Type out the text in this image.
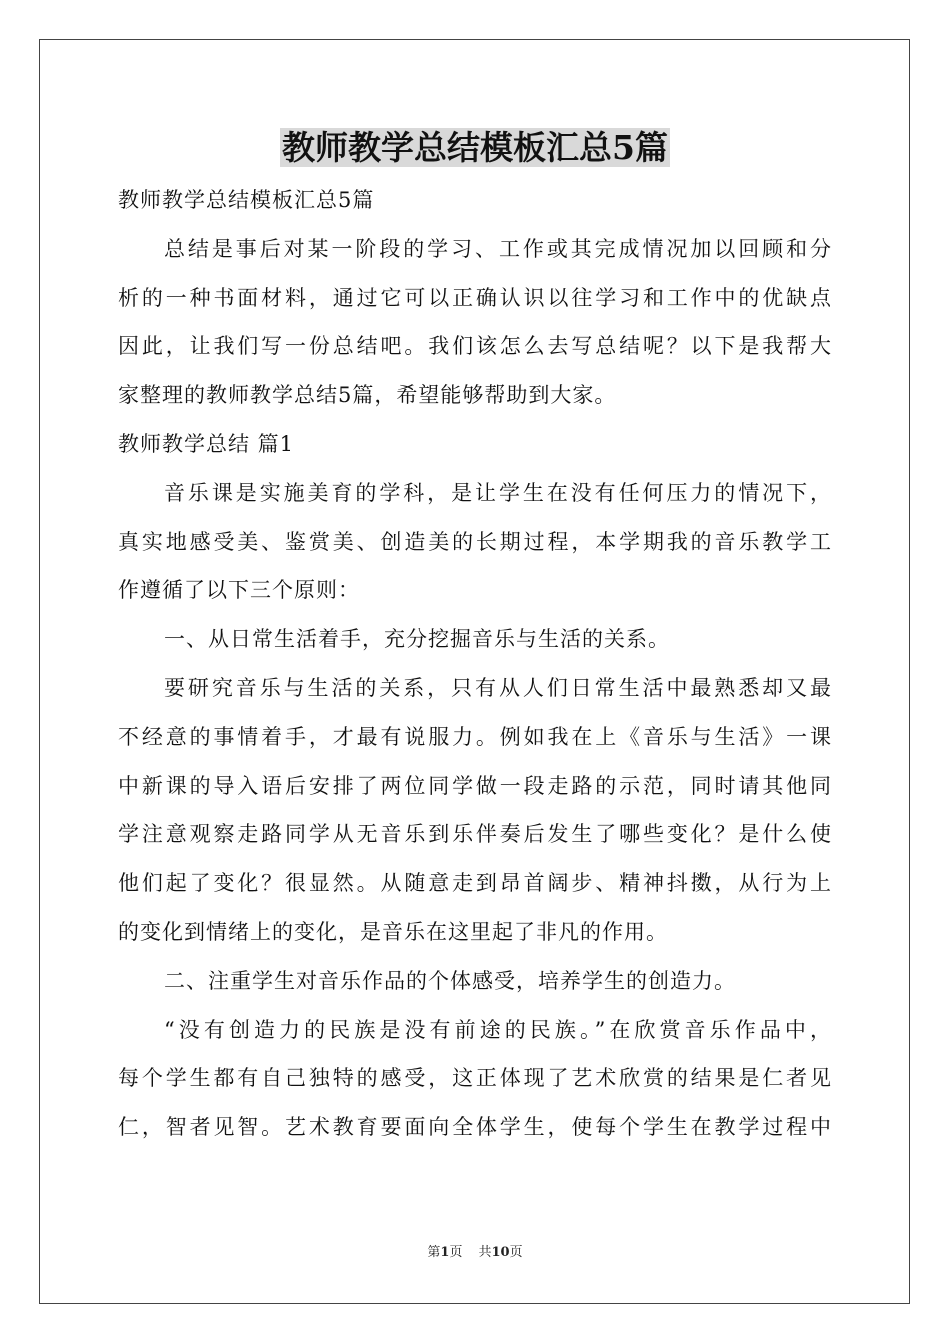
教师教学总结模板汇总5篇
教师教学总结模板汇总5篇
总结是事后对某一阶段的学习、工作或其完成情况加以回顾和分
析的一种书面材料，通过它可以正确认识以往学习和工作中的优缺点
因此，让我们写一份总结吧。我们该怎么去写总结呢？以下是我帮大
家整理的教师教学总结5篇，希望能够帮助到大家。
教师教学总结 篇1
音乐课是实施美育的学科，是让学生在没有任何压力的情况下，
真实地感受美、鉴赏美、创造美的长期过程，本学期我的音乐教学工
作遵循了以下三个原则：
一、从日常生活着手，充分挖掘音乐与生活的关系。
要研究音乐与生活的关系，只有从人们日常生活中最熟悉却又最
不经意的事情着手，才最有说服力。例如我在上《音乐与生活》一课
中新课的导入语后安排了两位同学做一段走路的示范，同时请其他同
学注意观察走路同学从无音乐到乐伴奏后发生了哪些变化？是什么使
他们起了变化？很显然。从随意走到昂首阔步、精神抖擞，从行为上
的变化到情绪上的变化，是音乐在这里起了非凡的作用。
二、注重学生对音乐作品的个体感受，培养学生的创造力。
“没有创造力的民族是没有前途的民族。”在欣赏音乐作品中，
每个学生都有自己独特的感受，这正体现了艺术欣赏的结果是仁者见
仁，智者见智。艺术教育要面向全体学生，使每个学生在教学过程中
第1页 共10页
